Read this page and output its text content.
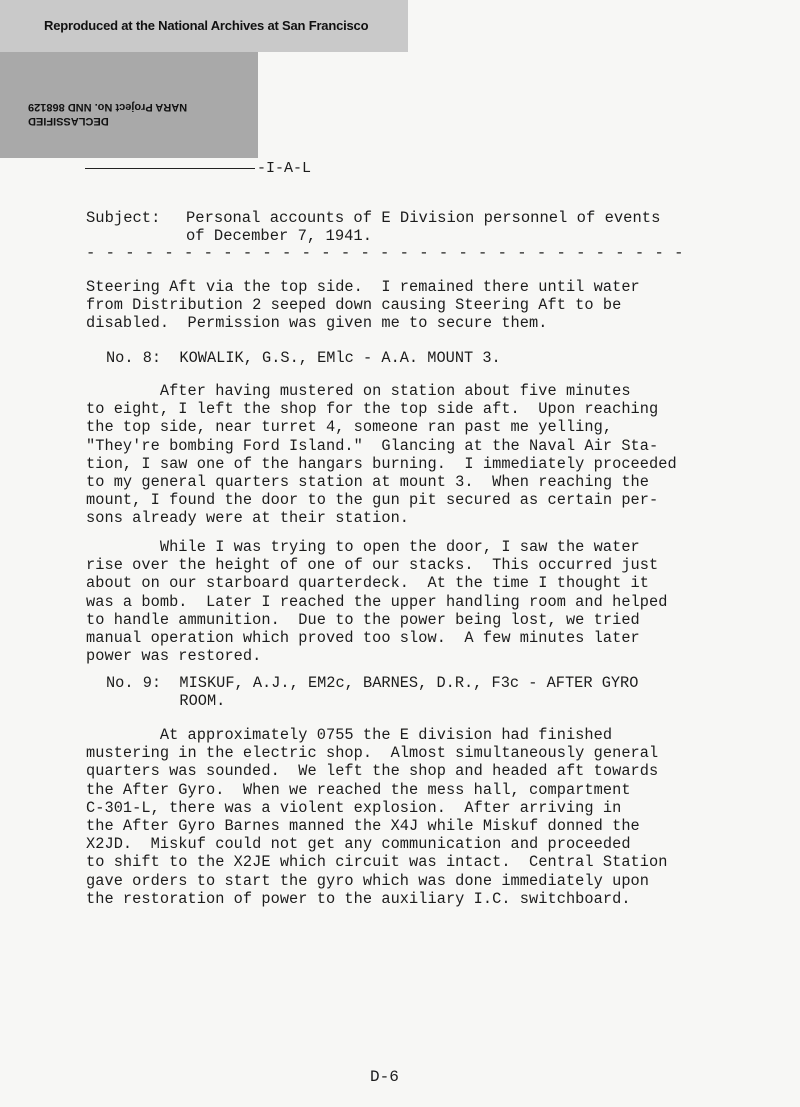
Reproduced at the National Archives at San Francisco
DECLASSIFIED
NARA Project No. NND 868129
-I-A-L
Subject: Personal accounts of E Division personnel of events
of December 7, 1941.
- - - - - - - - - - - - - - - - - - - - - - - - - - - - - - -
Steering Aft via the top side.  I remained there until water
from Distribution 2 seeped down causing Steering Aft to be
disabled.  Permission was given me to secure them.
No. 8:  KOWALIK, G.S., EMlc - A.A. MOUNT 3.
After having mustered on station about five minutes
to eight, I left the shop for the top side aft.  Upon reaching
the top side, near turret 4, someone ran past me yelling,
"They're bombing Ford Island."  Glancing at the Naval Air Sta-
tion, I saw one of the hangars burning.  I immediately proceeded
to my general quarters station at mount 3.  When reaching the
mount, I found the door to the gun pit secured as certain per-
sons already were at their station.
While I was trying to open the door, I saw the water
rise over the height of one of our stacks.  This occurred just
about on our starboard quarterdeck.  At the time I thought it
was a bomb.  Later I reached the upper handling room and helped
to handle ammunition.  Due to the power being lost, we tried
manual operation which proved too slow.  A few minutes later
power was restored.
No. 9:  MISKUF, A.J., EM2c, BARNES, D.R., F3c - AFTER GYRO
ROOM.
At approximately 0755 the E division had finished
mustering in the electric shop.  Almost simultaneously general
quarters was sounded.  We left the shop and headed aft towards
the After Gyro.  When we reached the mess hall, compartment
C-301-L, there was a violent explosion.  After arriving in
the After Gyro Barnes manned the X4J while Miskuf donned the
X2JD.  Miskuf could not get any communication and proceeded
to shift to the X2JE which circuit was intact.  Central Station
gave orders to start the gyro which was done immediately upon
the restoration of power to the auxiliary I.C. switchboard.
D-6
